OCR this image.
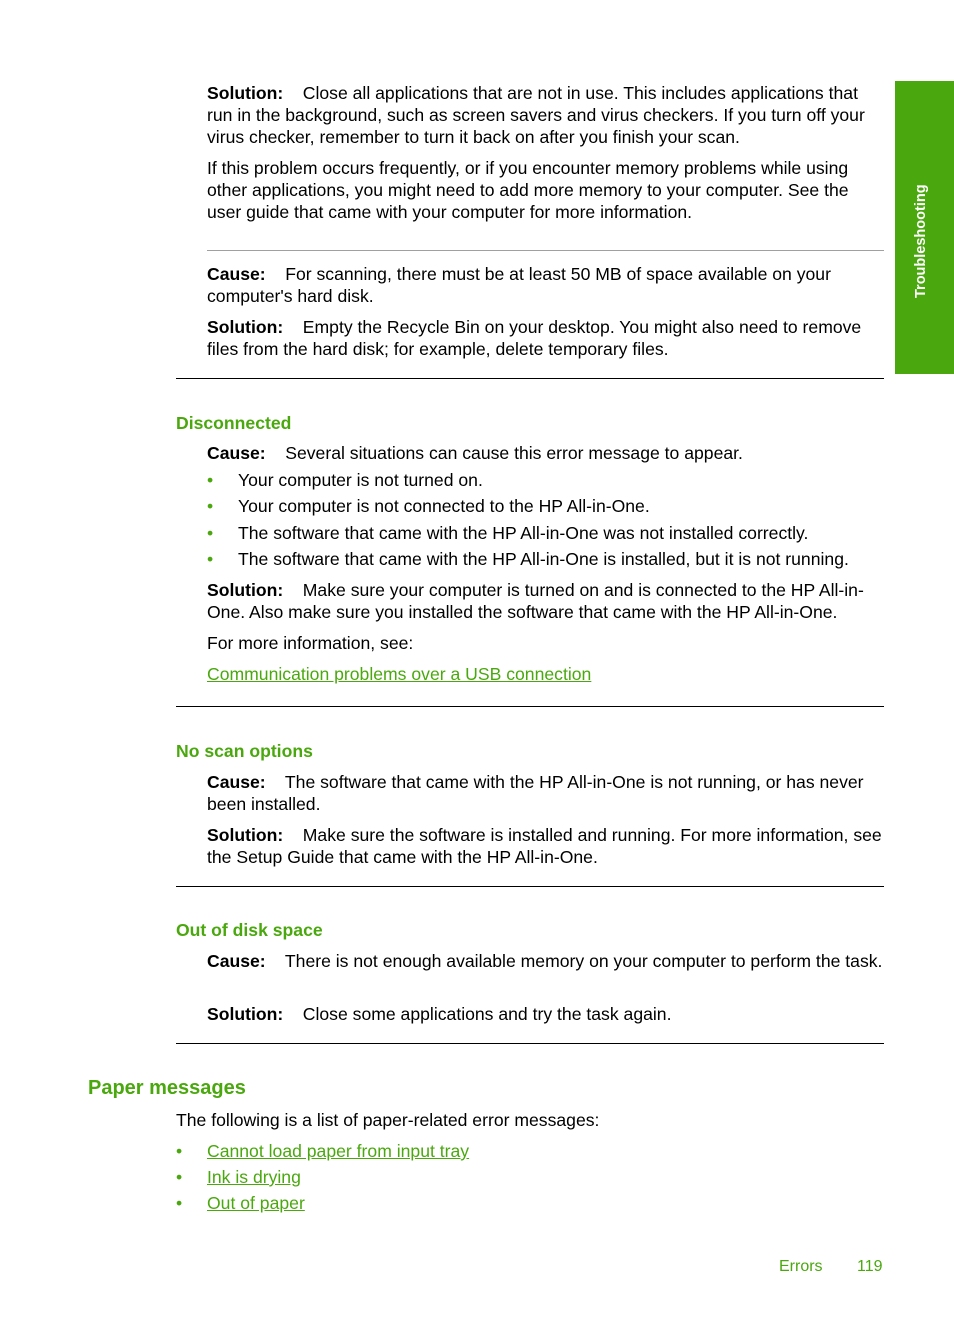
Troubleshooting

Solution: Close all applications that are not in use. This includes applications that run in the background, such as screen savers and virus checkers. If you turn off your virus checker, remember to turn it back on after you finish your scan.

If this problem occurs frequently, or if you encounter memory problems while using other applications, you might need to add more memory to your computer. See the user guide that came with your computer for more information.

Cause: For scanning, there must be at least 50 MB of space available on your computer's hard disk.

Solution: Empty the Recycle Bin on your desktop. You might also need to remove files from the hard disk; for example, delete temporary files.

Disconnected

Cause: Several situations can cause this error message to appear.

• Your computer is not turned on.
• Your computer is not connected to the HP All-in-One.
• The software that came with the HP All-in-One was not installed correctly.
• The software that came with the HP All-in-One is installed, but it is not running.

Solution: Make sure your computer is turned on and is connected to the HP All-in-One. Also make sure you installed the software that came with the HP All-in-One.

For more information, see:

Communication problems over a USB connection

No scan options

Cause: The software that came with the HP All-in-One is not running, or has never been installed.

Solution: Make sure the software is installed and running. For more information, see the Setup Guide that came with the HP All-in-One.

Out of disk space

Cause: There is not enough available memory on your computer to perform the task.

Solution: Close some applications and try the task again.

Paper messages

The following is a list of paper-related error messages:

• Cannot load paper from input tray
• Ink is drying
• Out of paper
Errors 119
